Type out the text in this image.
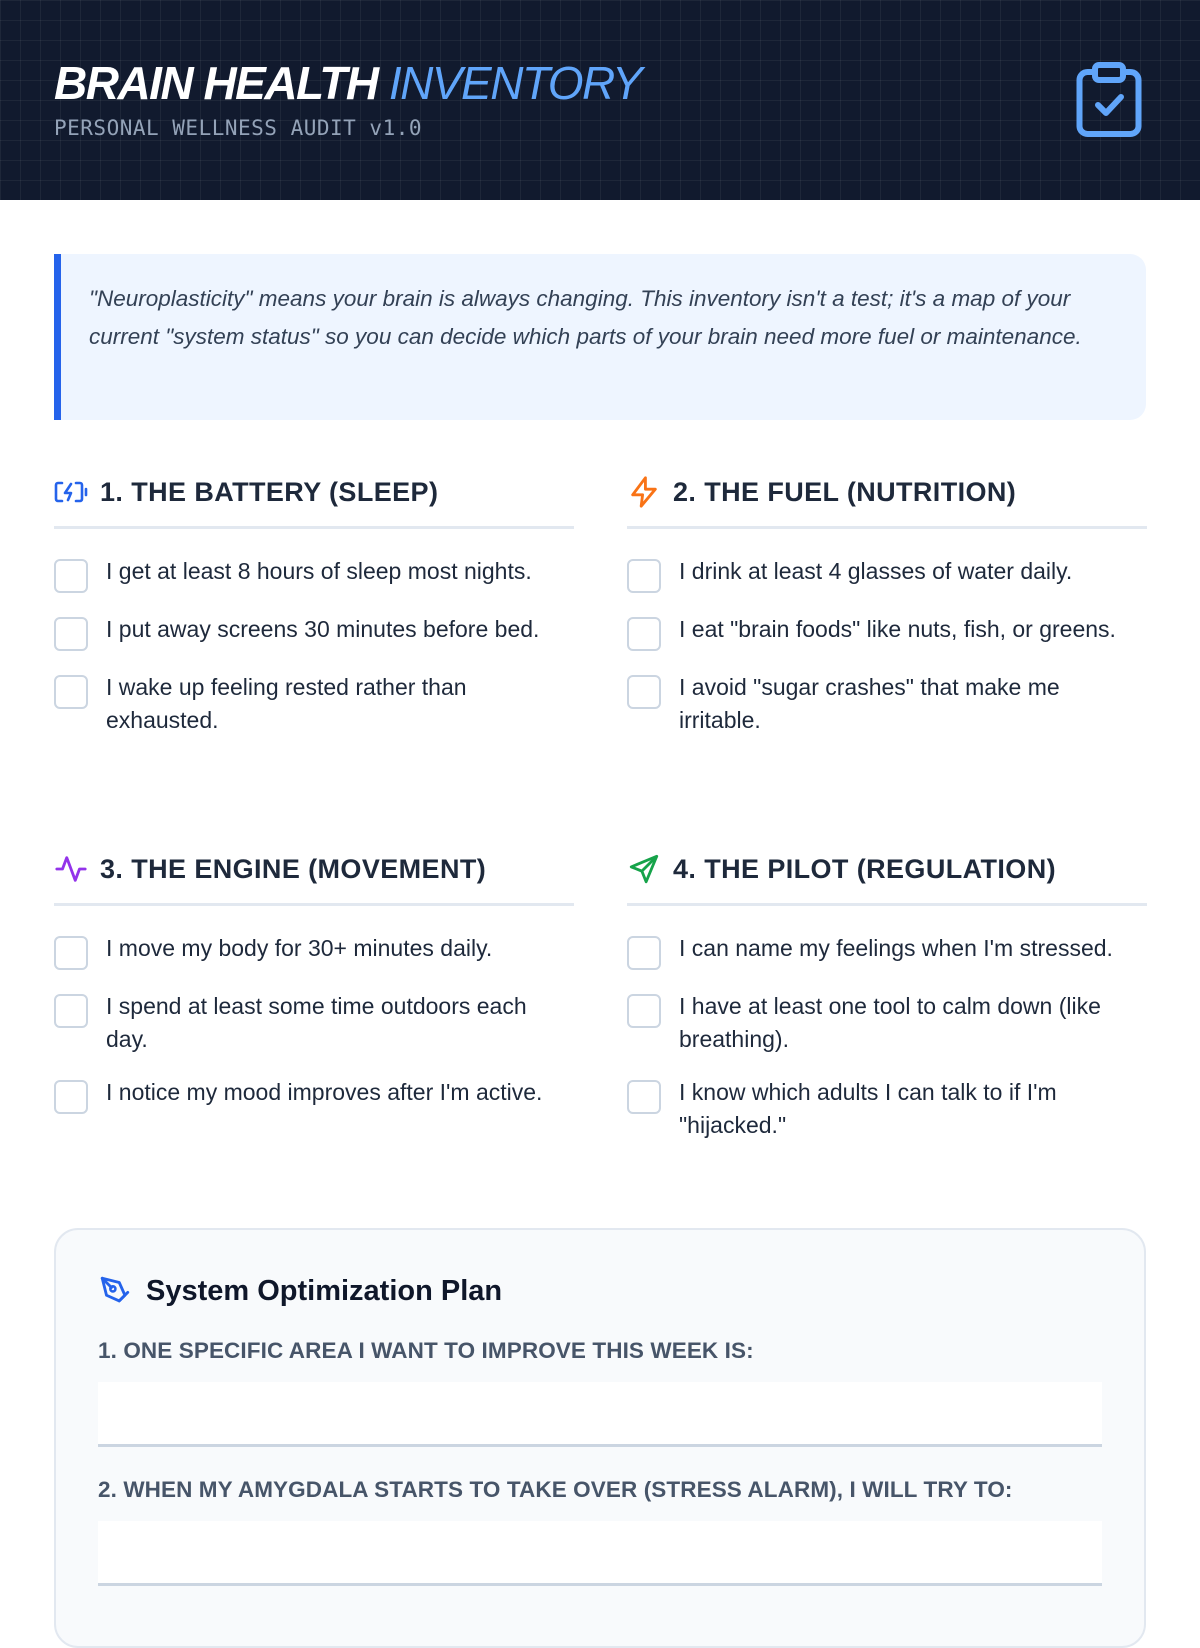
BRAIN HEALTH INVENTORY
PERSONAL WELLNESS AUDIT v1.0
"Neuroplasticity" means your brain is always changing. This inventory isn't a test; it's a map of your current "system status" so you can decide which parts of your brain need more fuel or maintenance.
1. THE BATTERY (SLEEP)
I get at least 8 hours of sleep most nights.
I put away screens 30 minutes before bed.
I wake up feeling rested rather than exhausted.
2. THE FUEL (NUTRITION)
I drink at least 4 glasses of water daily.
I eat "brain foods" like nuts, fish, or greens.
I avoid "sugar crashes" that make me irritable.
3. THE ENGINE (MOVEMENT)
I move my body for 30+ minutes daily.
I spend at least some time outdoors each day.
I notice my mood improves after I'm active.
4. THE PILOT (REGULATION)
I can name my feelings when I'm stressed.
I have at least one tool to calm down (like breathing).
I know which adults I can talk to if I'm "hijacked."
System Optimization Plan
1. ONE SPECIFIC AREA I WANT TO IMPROVE THIS WEEK IS:
2. WHEN MY AMYGDALA STARTS TO TAKE OVER (STRESS ALARM), I WILL TRY TO:
